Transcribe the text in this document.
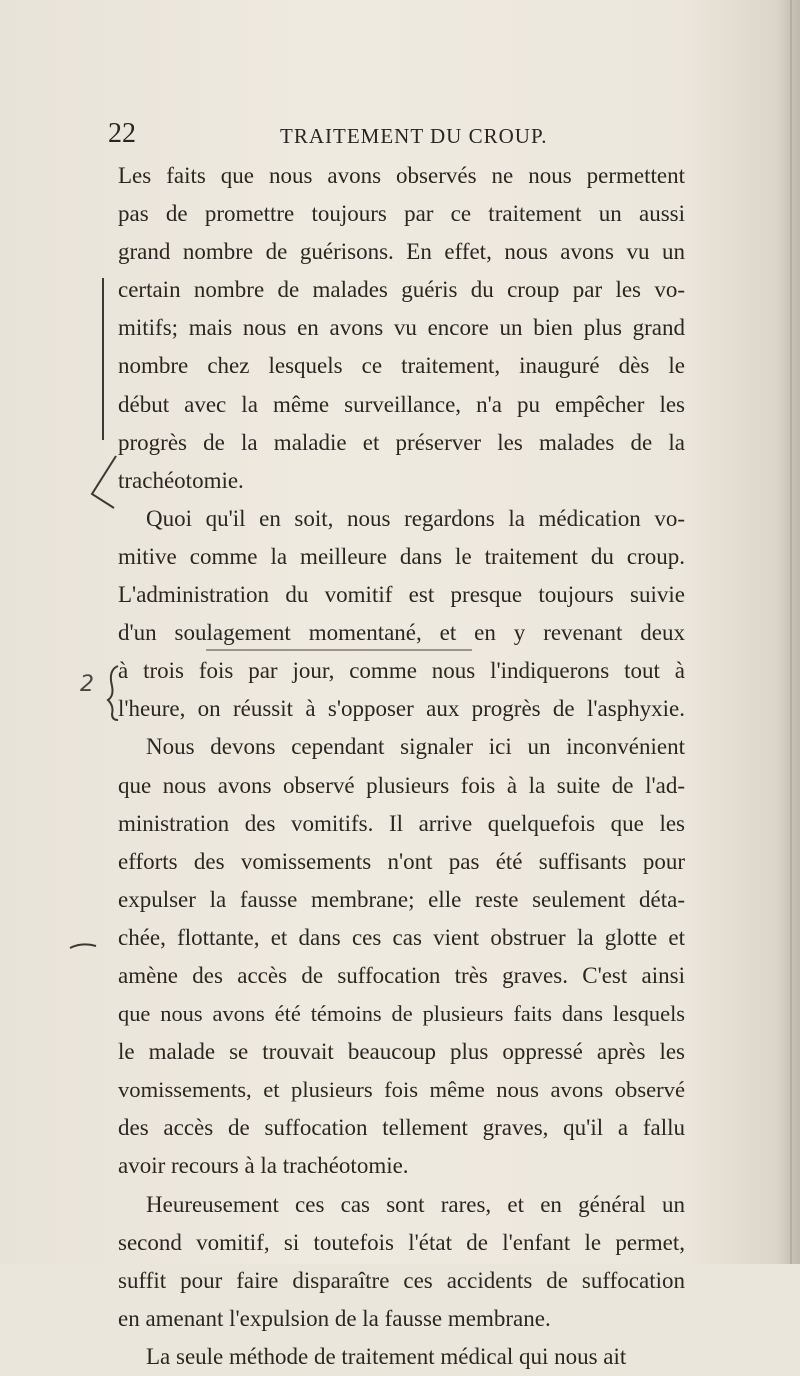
22	TRAITEMENT DU CROUP.
Les faits que nous avons observés ne nous permettent
pas de promettre toujours par ce traitement un aussi
grand nombre de guérisons. En effet, nous avons vu un
certain nombre de malades guéris du croup par les vo-
mitifs; mais nous en avons vu encore un bien plus grand
nombre chez lesquels ce traitement, inauguré dès le
début avec la même surveillance, n'a pu empêcher les
progrès de la maladie et préserver les malades de la
trachéotomie.
Quoi qu'il en soit, nous regardons la médication vo-
mitive comme la meilleure dans le traitement du croup.
L'administration du vomitif est presque toujours suivie
d'un soulagement momentané, et en y revenant deux
à trois fois par jour, comme nous l'indiquerons tout à
l'heure, on réussit à s'opposer aux progrès de l'asphyxie.
Nous devons cependant signaler ici un inconvénient
que nous avons observé plusieurs fois à la suite de l'ad-
ministration des vomitifs. Il arrive quelquefois que les
efforts des vomissements n'ont pas été suffisants pour
expulser la fausse membrane; elle reste seulement déta-
chée, flottante, et dans ces cas vient obstruer la glotte et
amène des accès de suffocation très graves. C'est ainsi
que nous avons été témoins de plusieurs faits dans lesquels
le malade se trouvait beaucoup plus oppressé après les
vomissements, et plusieurs fois même nous avons observé
des accès de suffocation tellement graves, qu'il a fallu
avoir recours à la trachéotomie.
Heureusement ces cas sont rares, et en général un
second vomitif, si toutefois l'état de l'enfant le permet,
suffit pour faire disparaître ces accidents de suffocation
en amenant l'expulsion de la fausse membrane.
La seule méthode de traitement médical qui nous ait
2
